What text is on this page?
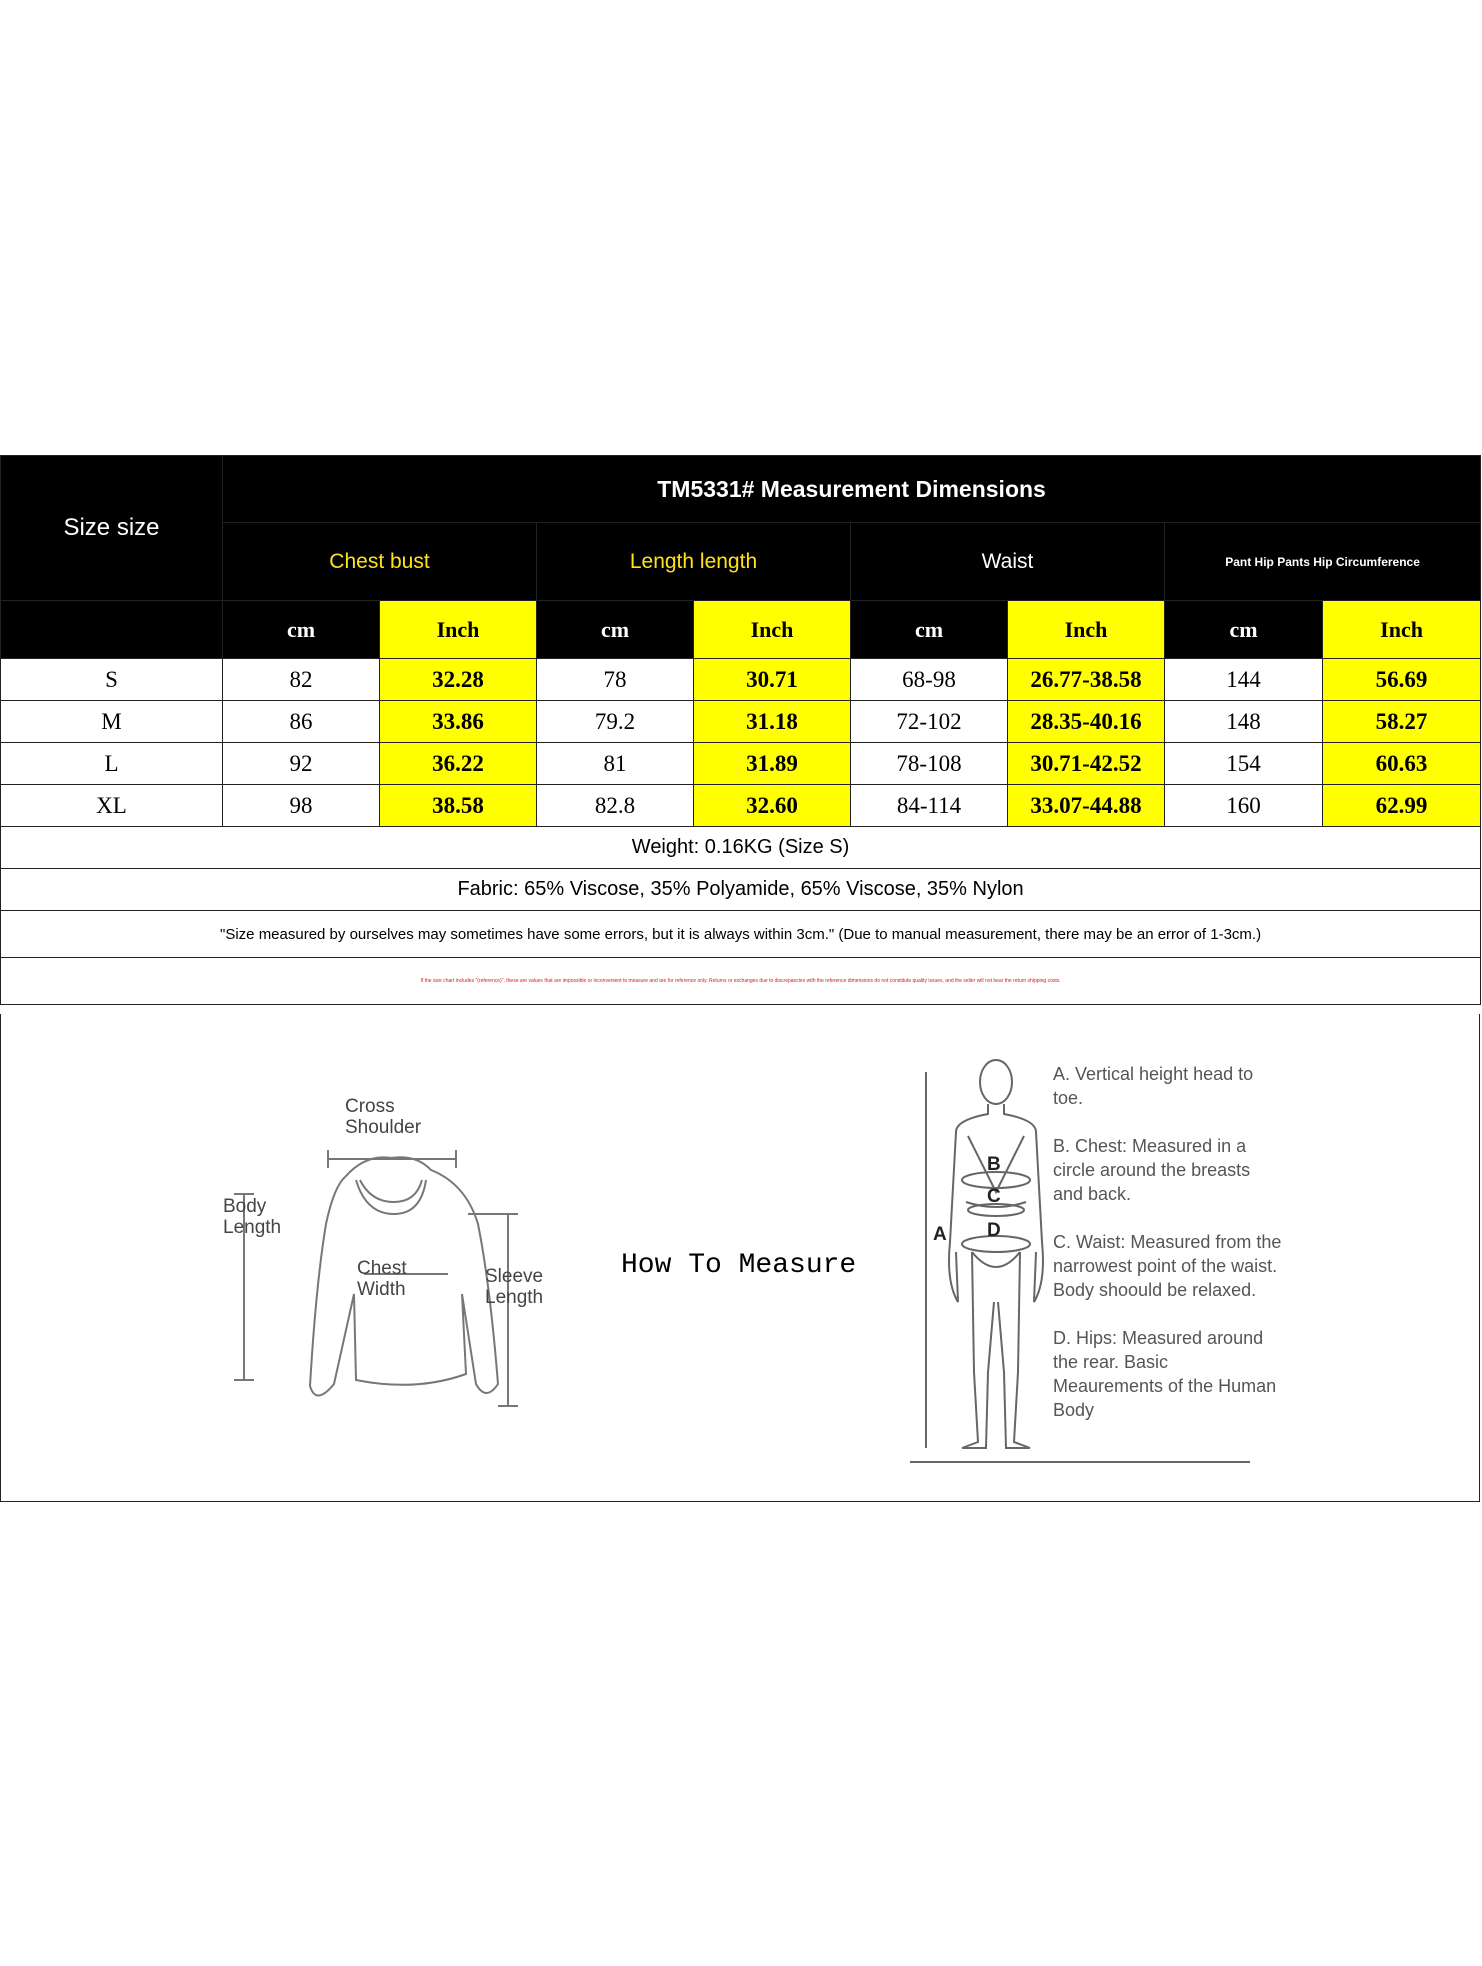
Size size	TM5331# Measurement Dimensions							
	Chest bust		Length length		Waist		Pant Hip Pants Hip Circumference	
	cm	Inch	cm	Inch	cm	Inch	cm	Inch
S	82	32.28	78	30.71	68-98	26.77-38.58	144	56.69
M	86	33.86	79.2	31.18	72-102	28.35-40.16	148	58.27
L	92	36.22	81	31.89	78-108	30.71-42.52	154	60.63
XL	98	38.58	82.8	32.60	84-114	33.07-44.88	160	62.99
Weight: 0.16KG (Size S)								
Fabric: 65% Viscose, 35% Polyamide, 65% Viscose, 35% Nylon								
"Size measured by ourselves may sometimes have some errors, but it is always within 3cm." (Due to manual measurement, there may be an error of 1-3cm.)								
If the size chart includes "(reference)", these are values that are impossible or inconvenient to measure and are for reference only. Returns or exchanges due to discrepancies with the reference dimensions do not constitute quality issues, and the seller will not bear the return shipping costs.								
Cross
Shoulder
Body
Length
Chest
Width
Sleeve
Length
How To Measure
A
B
C
D
A. Vertical height head to toe.
B. Chest: Measured in a circle around the breasts and back.
C. Waist: Measured from the narrowest point of the waist. Body shoould be relaxed.
D. Hips: Measured around the rear. Basic Meaurements of the Human Body
